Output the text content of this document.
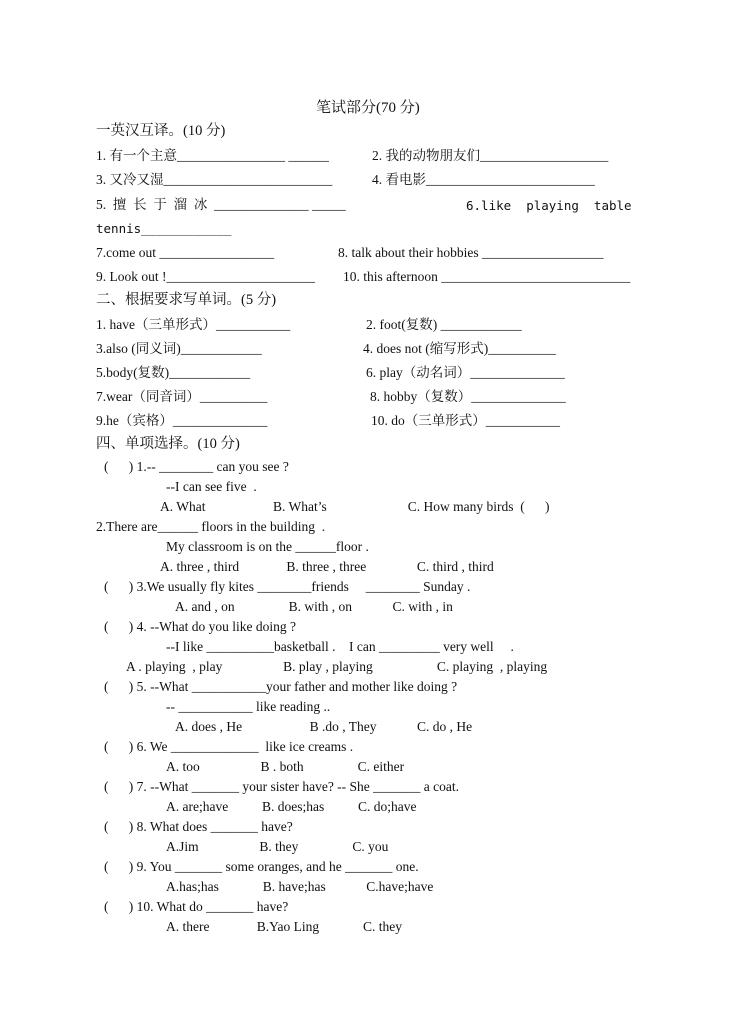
笔试部分(70 分)
一英汉互译。(10 分)
1. 有一个主意________________ ______	2. 我的动物朋友们___________________
3. 又冷又湿_________________________	4. 看电影_________________________
5.  擅  长  于  溜  冰  ______________ _____	6.like  playing  table
tennis____________
7.come out _________________	8. talk about their hobbies __________________
9. Look out !______________________ 10. this afternoon ____________________________
二、根据要求写单词。(5 分)
1. have（三单形式）___________	2. foot(复数) ____________
3.also (同义词)____________	4. does not (缩写形式)__________
5.body(复数)____________	6. play（动名词）______________
7.wear（同音词）__________	8. hobby（复数）______________
9.he（宾格）______________	10. do（三单形式）___________
四、单项选择。(10 分)
(      ) 1.-- ________ can you see ?
--I can see five  .
A. What                    B. What’s                        C. How many birds  (      )
2.There are______ floors in the building  .
My classroom is on the ______floor .
A. three , third              B. three , three               C. third , third
(      ) 3.We usually fly kites ________friends     ________ Sunday .
A. and , on                B. with , on            C. with , in
(      ) 4. --What do you like doing ?
--I like __________basketball .    I can _________ very well     .
A . playing  , play                  B. play , playing                   C. playing  , playing
(      ) 5. --What ___________your father and mother like doing ?
-- ___________ like reading ..
A. does , He                    B .do , They            C. do , He
(      ) 6. We _____________  like ice creams .
A. too                  B . both                C. either
(      ) 7. --What _______ your sister have? -- She _______ a coat.
A. are;have          B. does;has          C. do;have
(      ) 8. What does _______ have?
A.Jim                  B. they                C. you
(      ) 9. You _______ some oranges, and he _______ one.
A.has;has             B. have;has            C.have;have
(      ) 10. What do _______ have?
A. there              B.Yao Ling             C. they
